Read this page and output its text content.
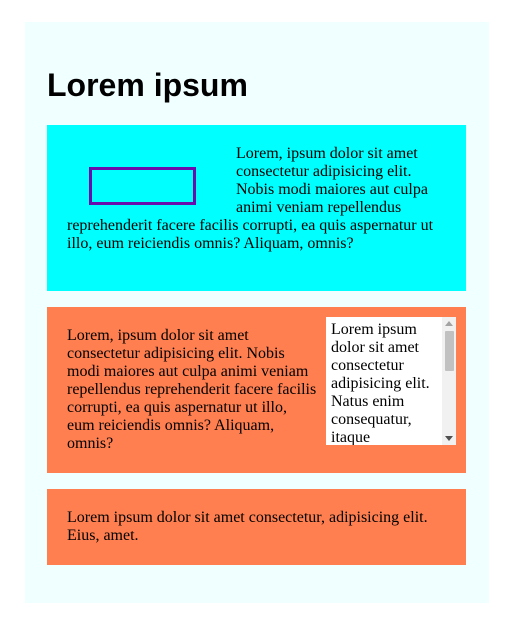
Lorem ipsum

Lorem, ipsum dolor sit amet consectetur adipisicing elit. Nobis modi maiores aut culpa animi veniam repellendus reprehenderit facere facilis corrupti, ea quis aspernatur ut illo, eum reiciendis omnis? Aliquam, omnis?

Lorem ipsum dolor sit amet consectetur adipisicing elit. Natus enim consequatur, itaque

Lorem, ipsum dolor sit amet consectetur adipisicing elit. Nobis modi maiores aut culpa animi veniam repellendus reprehenderit facere facilis corrupti, ea quis aspernatur ut illo, eum reiciendis omnis? Aliquam, omnis?

Lorem ipsum dolor sit amet consectetur, adipisicing elit. Eius, amet.
